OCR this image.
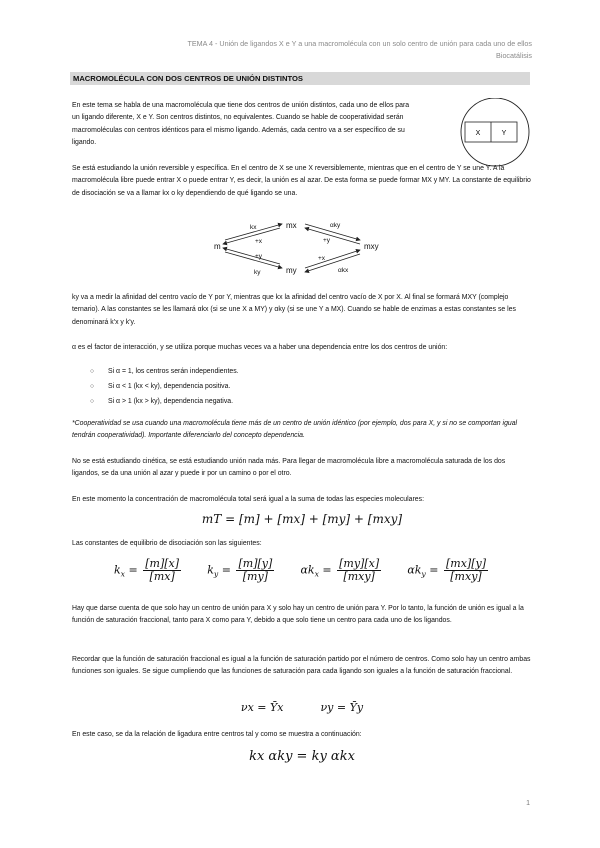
TEMA 4 - Unión de ligandos X e Y a una macromolécula con un solo centro de unión para cada uno de ellos
Biocatálisis
MACROMOLÉCULA CON DOS CENTROS DE UNIÓN DISTINTOS
En este tema se habla de una macromolécula que tiene dos centros de unión distintos, cada uno de ellos para un ligando diferente, X e Y. Son centros distintos, no equivalentes. Cuando se hable de cooperatividad serán macromoléculas con centros idénticos para el mismo ligando. Además, cada centro va a ser específico de su ligando.
X	Y
Se está estudiando la unión reversible y específica. En el centro de X se une X reversiblemente, mientras que en el centro de Y se une Y. A la macromolécula libre puede entrar X o puede entrar Y, es decir, la unión es al azar. De esta forma se puede formar MX y MY. La constante de equilibrio de disociación se va a llamar kx o ky dependiendo de qué ligando se una.
m
mx
my
mxy
kx
+x
+y
ky
αky
+y
+x
αkx
ky va a medir la afinidad del centro vacío de Y por Y, mientras que kx la afinidad del centro vacío de X por X. Al final se formará MXY (complejo ternario). A las constantes se les llamará αkx (si se une X a MY) y αky (si se une Y a MX). Cuando se hable de enzimas a estas constantes se les denominará k'x y k'y.
α es el factor de interacción, y se utiliza porque muchas veces va a haber una dependencia entre los dos centros de unión:
○ Si α = 1, los centros serán independientes.
○ Si α < 1 (kx < ky), dependencia positiva.
○ Si α > 1 (kx > ky), dependencia negativa.
*Cooperatividad se usa cuando una macromolécula tiene más de un centro de unión idéntico (por ejemplo, dos para X, y si no se comportan igual tendrán cooperatividad). Importante diferenciarlo del concepto dependencia.
No se está estudiando cinética, se está estudiando unión nada más. Para llegar de macromolécula libre a macromolécula saturada de los dos ligandos, se da una unión al azar y puede ir por un camino o por el otro.
En este momento la concentración de macromolécula total será igual a la suma de todas las especies moleculares:
mT = [m] + [mx] + [my] + [mxy]
Las constantes de equilibrio de disociación son las siguientes:
$k_x = \frac{[m][x]}{[mx]} k_y = \frac{[m][y]}{[my]} \alpha k_x = \frac{[my][x]}{\text{[mxy]}} \alpha k_y = \frac{[mx][y]}{\text{[mxy]}}$
Hay que darse cuenta de que solo hay un centro de unión para X y solo hay un centro de unión para Y. Por lo tanto, la función de unión es igual a la función de saturación fraccional, tanto para X como para Y, debido a que solo tiene un centro para cada uno de los ligandos.
Recordar que la función de saturación fraccional es igual a la función de saturación partido por el número de centros. Como solo hay un centro ambas funciones son iguales. Se sigue cumpliendo que las funciones de saturación para cada ligando son iguales a la función de saturación fraccional.
νx = Ȳx	νy = Ȳy
En este caso, se da la relación de ligadura entre centros tal y como se muestra a continuación:
kx αky = ky αkx
1
